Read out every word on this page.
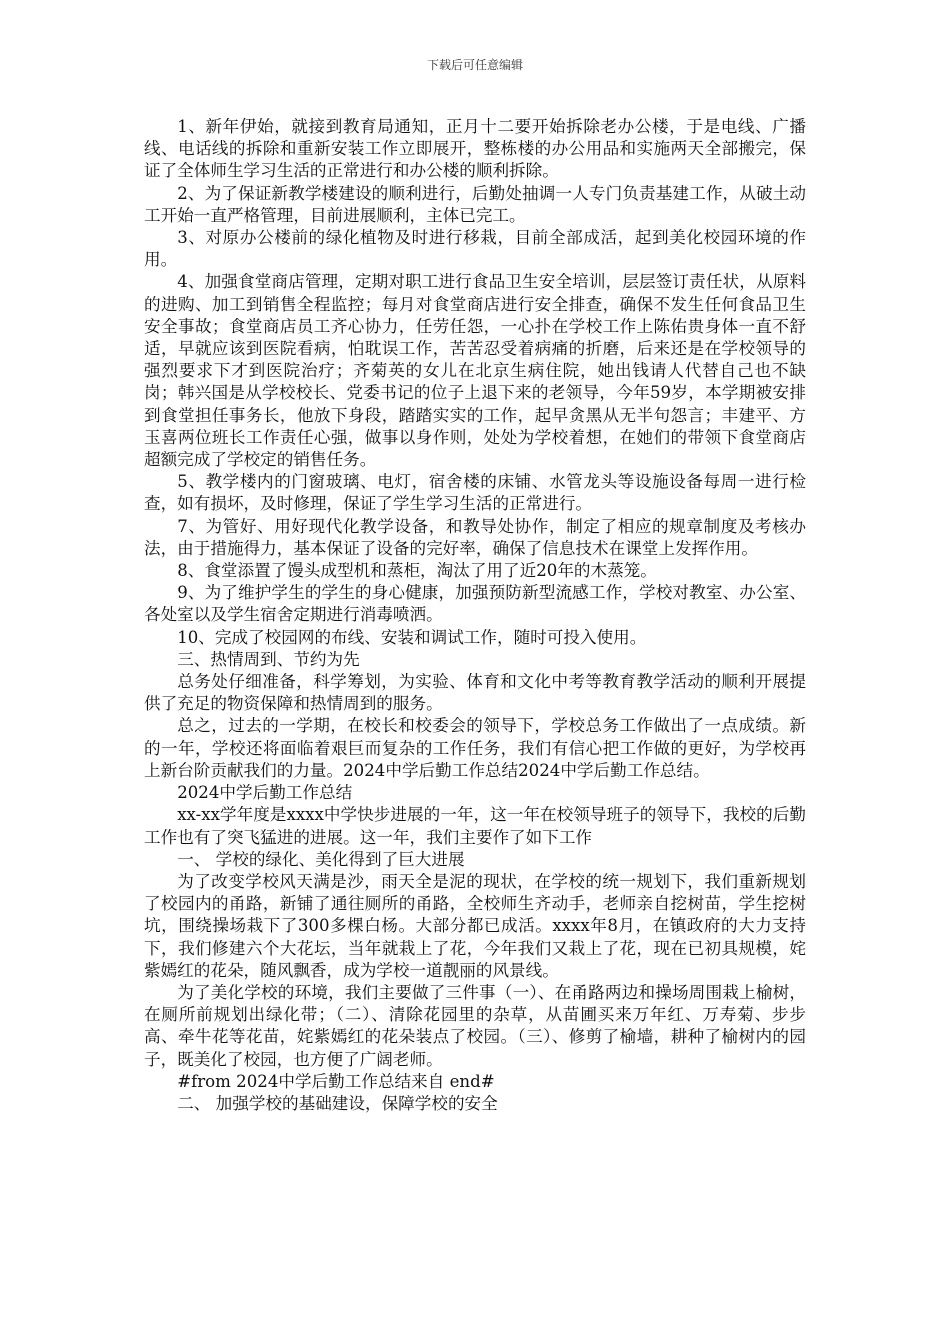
下载后可任意编辑

1、新年伊始，就接到教育局通知，正月十二要开始拆除老办公楼，于是电线、广播线、电话线的拆除和重新安装工作立即展开，整栋楼的办公用品和实施两天全部搬完，保证了全体师生学习生活的正常进行和办公楼的顺利拆除。

2、为了保证新教学楼建设的顺利进行，后勤处抽调一人专门负责基建工作，从破土动工开始一直严格管理，目前进展顺利，主体已完工。

3、对原办公楼前的绿化植物及时进行移栽，目前全部成活，起到美化校园环境的作用。

4、加强食堂商店管理，定期对职工进行食品卫生安全培训，层层签订责任状，从原料的进购、加工到销售全程监控；每月对食堂商店进行安全排查，确保不发生任何食品卫生安全事故；食堂商店员工齐心协力，任劳任怨，一心扑在学校工作上陈佑贵身体一直不舒适，早就应该到医院看病，怕耽误工作，苦苦忍受着病痛的折磨，后来还是在学校领导的强烈要求下才到医院治疗；齐菊英的女儿在北京生病住院，她出钱请人代替自己也不缺岗；韩兴国是从学校校长、党委书记的位子上退下来的老领导，今年59岁，本学期被安排到食堂担任事务长，他放下身段，踏踏实实的工作，起早贪黑从无半句怨言；丰建平、方玉喜两位班长工作责任心强，做事以身作则，处处为学校着想，在她们的带领下食堂商店超额完成了学校定的销售任务。

5、教学楼内的门窗玻璃、电灯，宿舍楼的床铺、水管龙头等设施设备每周一进行检查，如有损坏，及时修理，保证了学生学习生活的正常进行。

7、为管好、用好现代化教学设备，和教导处协作，制定了相应的规章制度及考核办法，由于措施得力，基本保证了设备的完好率，确保了信息技术在课堂上发挥作用。

8、食堂添置了馒头成型机和蒸柜，淘汰了用了近20年的木蒸笼。

9、为了维护学生的学生的身心健康，加强预防新型流感工作，学校对教室、办公室、各处室以及学生宿舍定期进行消毒喷洒。

10、完成了校园网的布线、安装和调试工作，随时可投入使用。

三、热情周到、节约为先

总务处仔细准备，科学筹划，为实验、体育和文化中考等教育教学活动的顺利开展提供了充足的物资保障和热情周到的服务。

总之，过去的一学期，在校长和校委会的领导下，学校总务工作做出了一点成绩。新的一年，学校还将面临着艰巨而复杂的工作任务，我们有信心把工作做的更好，为学校再上新台阶贡献我们的力量。2024中学后勤工作总结2024中学后勤工作总结。

2024中学后勤工作总结

xx-xx学年度是xxxx中学快步进展的一年，这一年在校领导班子的领导下，我校的后勤工作也有了突飞猛进的进展。这一年，我们主要作了如下工作

一、 学校的绿化、美化得到了巨大进展

为了改变学校风天满是沙，雨天全是泥的现状，在学校的统一规划下，我们重新规划了校园内的甬路，新铺了通往厕所的甬路，全校师生齐动手，老师亲自挖树苗，学生挖树坑，围绕操场栽下了300多棵白杨。大部分都已成活。xxxx年8月，在镇政府的大力支持下，我们修建六个大花坛，当年就栽上了花，今年我们又栽上了花，现在已初具规模，姹紫嫣红的花朵，随风飘香，成为学校一道靓丽的风景线。

为了美化学校的环境，我们主要做了三件事（一）、在甬路两边和操场周围栽上榆树，在厕所前规划出绿化带；（二）、清除花园里的杂草，从苗圃买来万年红、万寿菊、步步高、牵牛花等花苗，姹紫嫣红的花朵装点了校园。（三）、修剪了榆墙，耕种了榆树内的园子，既美化了校园，也方便了广阔老师。

#from 2024中学后勤工作总结来自 end#

二、 加强学校的基础建设，保障学校的安全
